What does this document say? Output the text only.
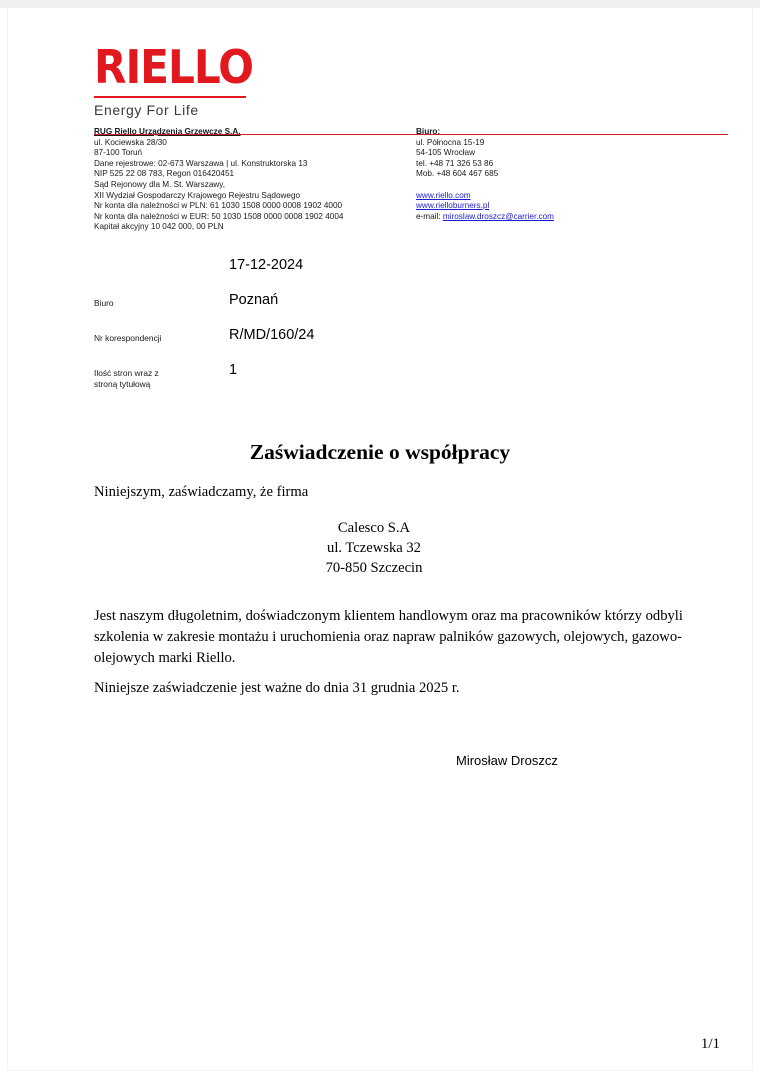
RIELLO
Energy For Life
RUG Riello Urządzenia Grzewcze S.A.
ul. Kociewska 28/30
87-100 Toruń
Dane rejestrowe: 02-673 Warszawa | ul. Konstruktorska 13
NIP 525 22 08 783, Regon 016420451
Sąd Rejonowy dla M. St. Warszawy,
XII Wydział Gospodarczy Krajowego Rejestru Sądowego
Nr konta dla należności w PLN: 61 1030 1508 0000 0008 1902 4000
Nr konta dla należności w EUR: 50 1030 1508 0000 0008 1902 4004
Kapitał akcyjny 10 042 000, 00 PLN
Biuro:
ul. Północna 15-19
54-105 Wrocław
tel. +48 71 326 53 86
Mob. +48 604 467 685
www.riello.com
www.rielloburners.pl
e-mail: miroslaw.droszcz@carrier.com
17-12-2024
Biuro	Poznań
Nr korespondencji	R/MD/160/24
Ilość stron wraz z
stroną tytułową
1
Zaświadczenie o współpracy
Niniejszym, zaświadczamy, że firma
Calesco S.A
ul. Tczewska 32
70-850 Szczecin
Jest naszym długoletnim, doświadczonym klientem handlowym oraz ma pracowników którzy odbyli szkolenia w zakresie montażu i uruchomienia oraz napraw palników gazowych, olejowych, gazowo-olejowych marki Riello.
Niniejsze zaświadczenie jest ważne do dnia 31 grudnia 2025 r.
Mirosław Droszcz
1/1
